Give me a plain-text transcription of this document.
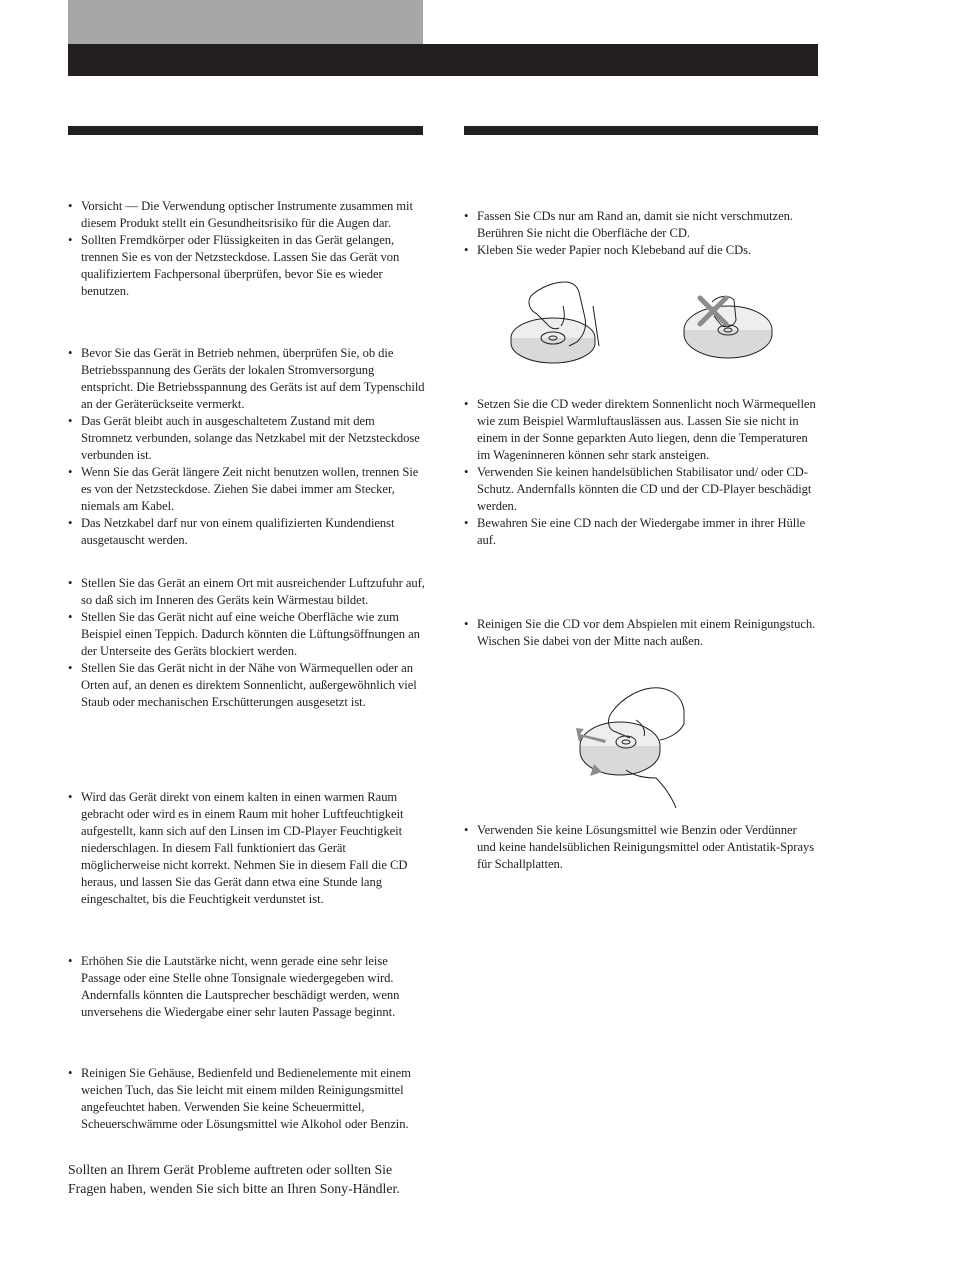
• Vorsicht — Die Verwendung optischer Instrumente zusammen mit diesem Produkt stellt ein Gesundheitsrisiko für die Augen dar.
• Sollten Fremdkörper oder Flüssigkeiten in das Gerät gelangen, trennen Sie es von der Netzsteckdose. Lassen Sie das Gerät von qualifiziertem Fachpersonal überprüfen, bevor Sie es wieder benutzen.
• Bevor Sie das Gerät in Betrieb nehmen, überprüfen Sie, ob die Betriebsspannung des Geräts der lokalen Stromversorgung entspricht. Die Betriebsspannung des Geräts ist auf dem Typenschild an der Geräterückseite vermerkt.
• Das Gerät bleibt auch in ausgeschaltetem Zustand mit dem Stromnetz verbunden, solange das Netzkabel mit der Netzsteckdose verbunden ist.
• Wenn Sie das Gerät längere Zeit nicht benutzen wollen, trennen Sie es von der Netzsteckdose. Ziehen Sie dabei immer am Stecker, niemals am Kabel.
• Das Netzkabel darf nur von einem qualifizierten Kundendienst ausgetauscht werden.
• Stellen Sie das Gerät an einem Ort mit ausreichender Luftzufuhr auf, so daß sich im Inneren des Geräts kein Wärmestau bildet.
• Stellen Sie das Gerät nicht auf eine weiche Oberfläche wie zum Beispiel einen Teppich. Dadurch könnten die Lüftungsöffnungen an der Unterseite des Geräts blockiert werden.
• Stellen Sie das Gerät nicht in der Nähe von Wärmequellen oder an Orten auf, an denen es direktem Sonnenlicht, außergewöhnlich viel Staub oder mechanischen Erschütterungen ausgesetzt ist.
• Wird das Gerät direkt von einem kalten in einen warmen Raum gebracht oder wird es in einem Raum mit hoher Luftfeuchtigkeit aufgestellt, kann sich auf den Linsen im CD-Player Feuchtigkeit niederschlagen. In diesem Fall funktioniert das Gerät möglicherweise nicht korrekt. Nehmen Sie in diesem Fall die CD heraus, und lassen Sie das Gerät dann etwa eine Stunde lang eingeschaltet, bis die Feuchtigkeit verdunstet ist.
• Erhöhen Sie die Lautstärke nicht, wenn gerade eine sehr leise Passage oder eine Stelle ohne Tonsignale wiedergegeben wird. Andernfalls könnten die Lautsprecher beschädigt werden, wenn unversehens die Wiedergabe einer sehr lauten Passage beginnt.
• Reinigen Sie Gehäuse, Bedienfeld und Bedienelemente mit einem weichen Tuch, das Sie leicht mit einem milden Reinigungsmittel angefeuchtet haben. Verwenden Sie keine Scheuermittel, Scheuerschwämme oder Lösungsmittel wie Alkohol oder Benzin.

Sollten an Ihrem Gerät Probleme auftreten oder sollten Sie Fragen haben, wenden Sie sich bitte an Ihren Sony-Händler.

• Fassen Sie CDs nur am Rand an, damit sie nicht verschmutzen. Berühren Sie nicht die Oberfläche der CD.
• Kleben Sie weder Papier noch Klebeband auf die CDs.
• Setzen Sie die CD weder direktem Sonnenlicht noch Wärmequellen wie zum Beispiel Warmluftauslässen aus. Lassen Sie sie nicht in einem in der Sonne geparkten Auto liegen, denn die Temperaturen im Wageninneren können sehr stark ansteigen.
• Verwenden Sie keinen handelsüblichen Stabilisator und/ oder CD-Schutz. Andernfalls könnten die CD und der CD-Player beschädigt werden.
• Bewahren Sie eine CD nach der Wiedergabe immer in ihrer Hülle auf.
• Reinigen Sie die CD vor dem Abspielen mit einem Reinigungstuch. Wischen Sie dabei von der Mitte nach außen.
• Verwenden Sie keine Lösungsmittel wie Benzin oder Verdünner und keine handelsüblichen Reinigungsmittel oder Antistatik-Sprays für Schallplatten.
